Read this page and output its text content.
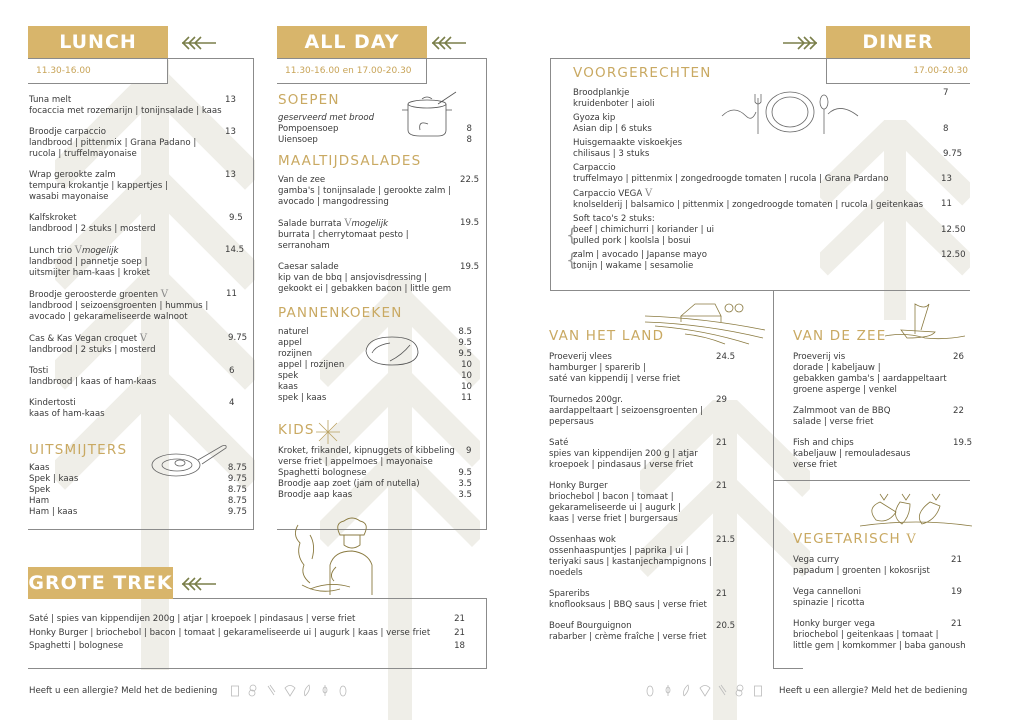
LUNCH
11.30-16.00
Tuna melt
focaccia met rozemarijn | tonijnsalade | kaas
13
Broodje carpaccio
landbrood | pittenmix | Grana Padano |
rucola | truffelmayonaise
13
Wrap gerookte zalm
tempura krokantje | kappertjes |
wasabi mayonaise
13
Kalfskroket
landbrood | 2 stuks | mosterd
9.5
Lunch trio Vmogelijk
landbrood | pannetje soep |
uitsmijter ham-kaas | kroket
14.5
Broodje geroosterde groenten V
landbrood | seizoensgroenten | hummus |
avocado | gekarameliseerde walnoot
11
Cas & Kas Vegan croquet V
landbrood | 2 stuks | mosterd
9.75
Tosti
landbrood | kaas of ham-kaas
6
Kindertosti
kaas of ham-kaas
4
UITSMIJTERS
Kaas	8.75
Spek | kaas	9.75
Spek	8.75
Ham	8.75
Ham | kaas	9.75
ALL DAY
11.30-16.00 en 17.00-20.30
SOEPEN
geserveerd met brood
Pompoensoep	8
Uiensoep	8
MAALTIJDSALADES
Van de zee
gamba's | tonijnsalade | gerookte zalm |
avocado | mangodressing
22.5
Salade burrata Vmogelijk
burrata | cherrytomaat pesto |
serranoham
19.5
Caesar salade
kip van de bbq | ansjovisdressing |
gekookt ei | gebakken bacon | little gem
19.5
PANNENKOEKEN
naturel	8.5
appel	9.5
rozijnen	9.5
appel | rozijnen	10
spek	10
kaas	10
spek | kaas	11
KIDS
Kroket, frikandel, kipnuggets of kibbeling 9
verse friet | appelmoes | mayonaise
Spaghetti bolognese	9.5
Broodje aap zoet (jam of nutella)	3.5
Broodje aap kaas	3.5
GROTE TREK
Saté | spies van kippendijen 200g | atjar | kroepoek | pindasaus | verse friet	21
Honky Burger | briochebol | bacon | tomaat | gekarameliseerde ui | augurk | kaas | verse friet	21
Spaghetti | bolognese	18
Heeft u een allergie? Meld het de bediening
DINER
17.00-20.30
VOORGERECHTEN
Broodplankje
kruidenboter | aioli
7
Gyoza kip
Asian dip | 6 stuks	8
Huisgemaakte viskoekjes
chilisaus | 3 stuks	9.75
Carpaccio
truffelmayo | pittenmix | zongedroogde tomaten | rucola | Grana Pardano	13
Carpaccio VEGA V
knolselderij | balsamico | pittenmix | zongedroogde tomaten | rucola | geitenkaas	11
Soft taco's 2 stuks:
beef | chimichurri | koriander | ui
pulled pork | koolsla | bosui
12.50
{
zalm | avocado | Japanse mayo
tonijn | wakame | sesamolie
12.50
{
VAN HET LAND
Proeverij vlees
hamburger | sparerib |
saté van kippendij | verse friet
24.5
Tournedos 200gr.
aardappeltaart | seizoensgroenten |
pepersaus
29
Saté
spies van kippendijen 200 g | atjar
kroepoek | pindasaus | verse friet
21
Honky Burger
briochebol | bacon | tomaat |
gekarameliseerde ui | augurk |
kaas | verse friet | burgersaus
21
Ossenhaas wok
ossenhaaspuntjes | paprika | ui |
teriyaki saus | kastanjechampignons |
noedels
21.5
Spareribs
knoflooksaus | BBQ saus | verse friet
21
Boeuf Bourguignon
rabarber | crème fraîche | verse friet
20.5
VAN DE ZEE
Proeverij vis
dorade | kabeljauw |
gebakken gamba's | aardappeltaart
groene asperge | venkel
26
Zalmmoot van de BBQ
salade | verse friet
22
Fish and chips
kabeljauw | remouladesaus
verse friet
19.5
VEGETARISCH V
Vega curry
papadum | groenten | kokosrijst
21
Vega cannelloni
spinazie | ricotta
19
Honky burger vega
briochebol | geitenkaas | tomaat |
little gem | komkommer | baba ganoush
21
Heeft u een allergie? Meld het de bediening
